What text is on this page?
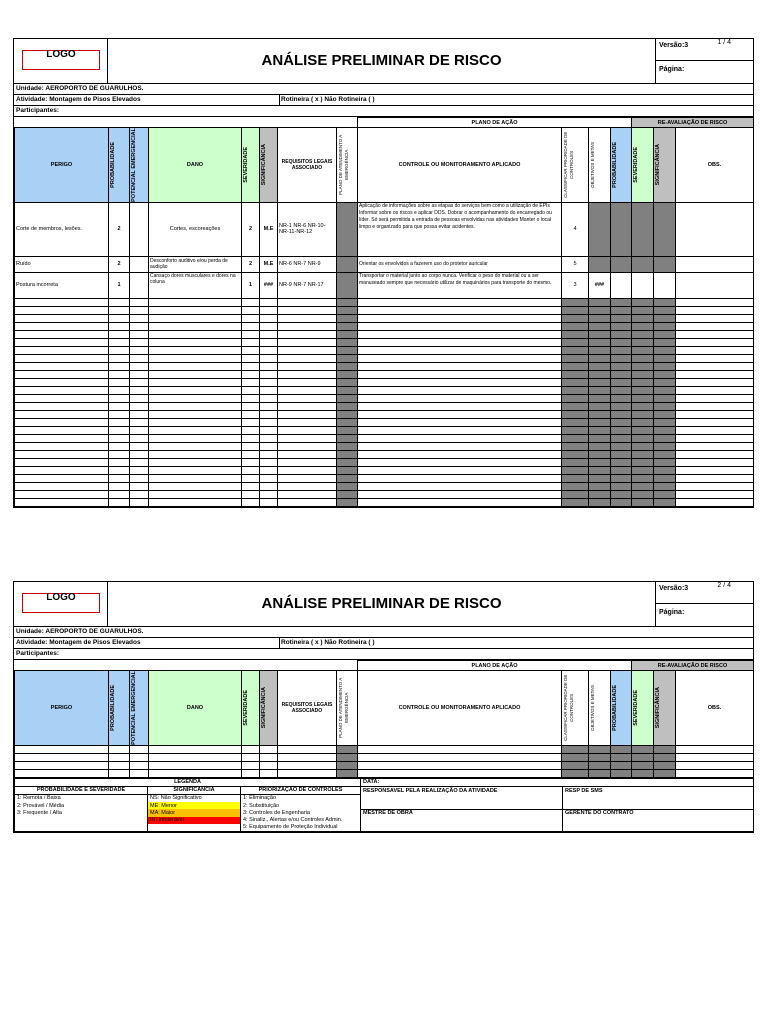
LOGO	ANÁLISE PRELIMINAR DE RISCO
Versão:3	1 / 4
Página:
Unidade: AEROPORTO DE GUARULHOS.
Atividade: Montagem de Pisos Elevados	Rotineira ( x ) Não Rotineira ( )
Participantes:
								PLANO DE AÇÃO				RE-AVALIAÇÃO DE RISCO		
PERIGO	PROBABILIDADE	POTENCIAL EMERGENCIAL	DANO	SEVERIDADE	SIGNIFICÂNCIA	REQUISITOS LEGAIS ASSOCIADO	PLANO DE ATENDIMENTO A EMERGÊNCIA	CONTROLE OU MONITORAMENTO APLICADO	CLASSIFICAR PRIORIDADE DE CONTROLES	OBJETIVOS E METAS	PROBABILIDADE	SEVERIDADE	SIGNIFICÂNCIA	OBS.
Corte de membros, lesões.	2		Cortes, escoreações	2	M.E	NR-1 NR-6 NR-10-NR-11-NR-12		Aplicação de informações sobre as etapas do serviços bem como a utilização de EPIs Informar sobre os riscos e aplicar DDS. Dobrar o acompanhamento do encarregado ou líder. Só será permitida a entrada de pessoas envolvidas nas atividades Manter o local limpo e organizado para que possa evitar acidentes.	4					
Ruído	2		Desconforto auditivo e/ou perda de audição	2	M.E	NR-6 NR-7 NR-9		Orientar os envolvidos a fazerem uso do protetor auricular	5					
Postura incorreta	1		Cansaço dores musculares e dores na coluna	1	###	NR-9 NR-7 NR-17		Transportar o material junto ao corpo nunca. Verificar o peso do material ou a ser manuseado sempre que necessário utilizar de maquinários para transporte do mesmo.	3	###				

LOGO	ANÁLISE PRELIMINAR DE RISCO
Versão:3	2 / 4
Página:
Unidade: AEROPORTO DE GUARULHOS.
Atividade: Montagem de Pisos Elevados	Rotineira ( x ) Não Rotineira ( )
Participantes:
								PLANO DE AÇÃO				RE-AVALIAÇÃO DE RISCO		
PERIGO	PROBABILIDADE	POTENCIAL EMERGENCIAL	DANO	SEVERIDADE	SIGNIFICÂNCIA	REQUISITOS LEGAIS ASSOCIADO	PLANO DE ATENDIMENTO A EMERGÊNCIA	CONTROLE OU MONITORAMENTO APLICADO	CLASSIFICAR PRIORIDADE DE CONTROLES	OBJETIVOS E METAS	PROBABILIDADE	SEVERIDADE	SIGNIFICÂNCIA	OBS.

LEGENDA			DATA:	
PROBABILIDADE E SEVERIDADE	SIGNIFICÂNCIA	PRIORIZAÇÃO DE CONTROLES	RESPONSAVEL PELA REALIZAÇÃO DA ATIVIDADE	RESP DE SMS
1: Remota / Baixa	NS: Não Significativo	1: Eliminação		
2: Provável / Média	ME: Menor	2: Substituição		
3: Frequente / Alta	MA: Maior	3: Controles de Engenharia	MESTRE DE OBRA	GERENTE DO CONTRATO
	IN: Intolerável	4: Sinaliz., Alertas e/ou Controles Admin.		
		5: Equipamento de Proteção Individual		
